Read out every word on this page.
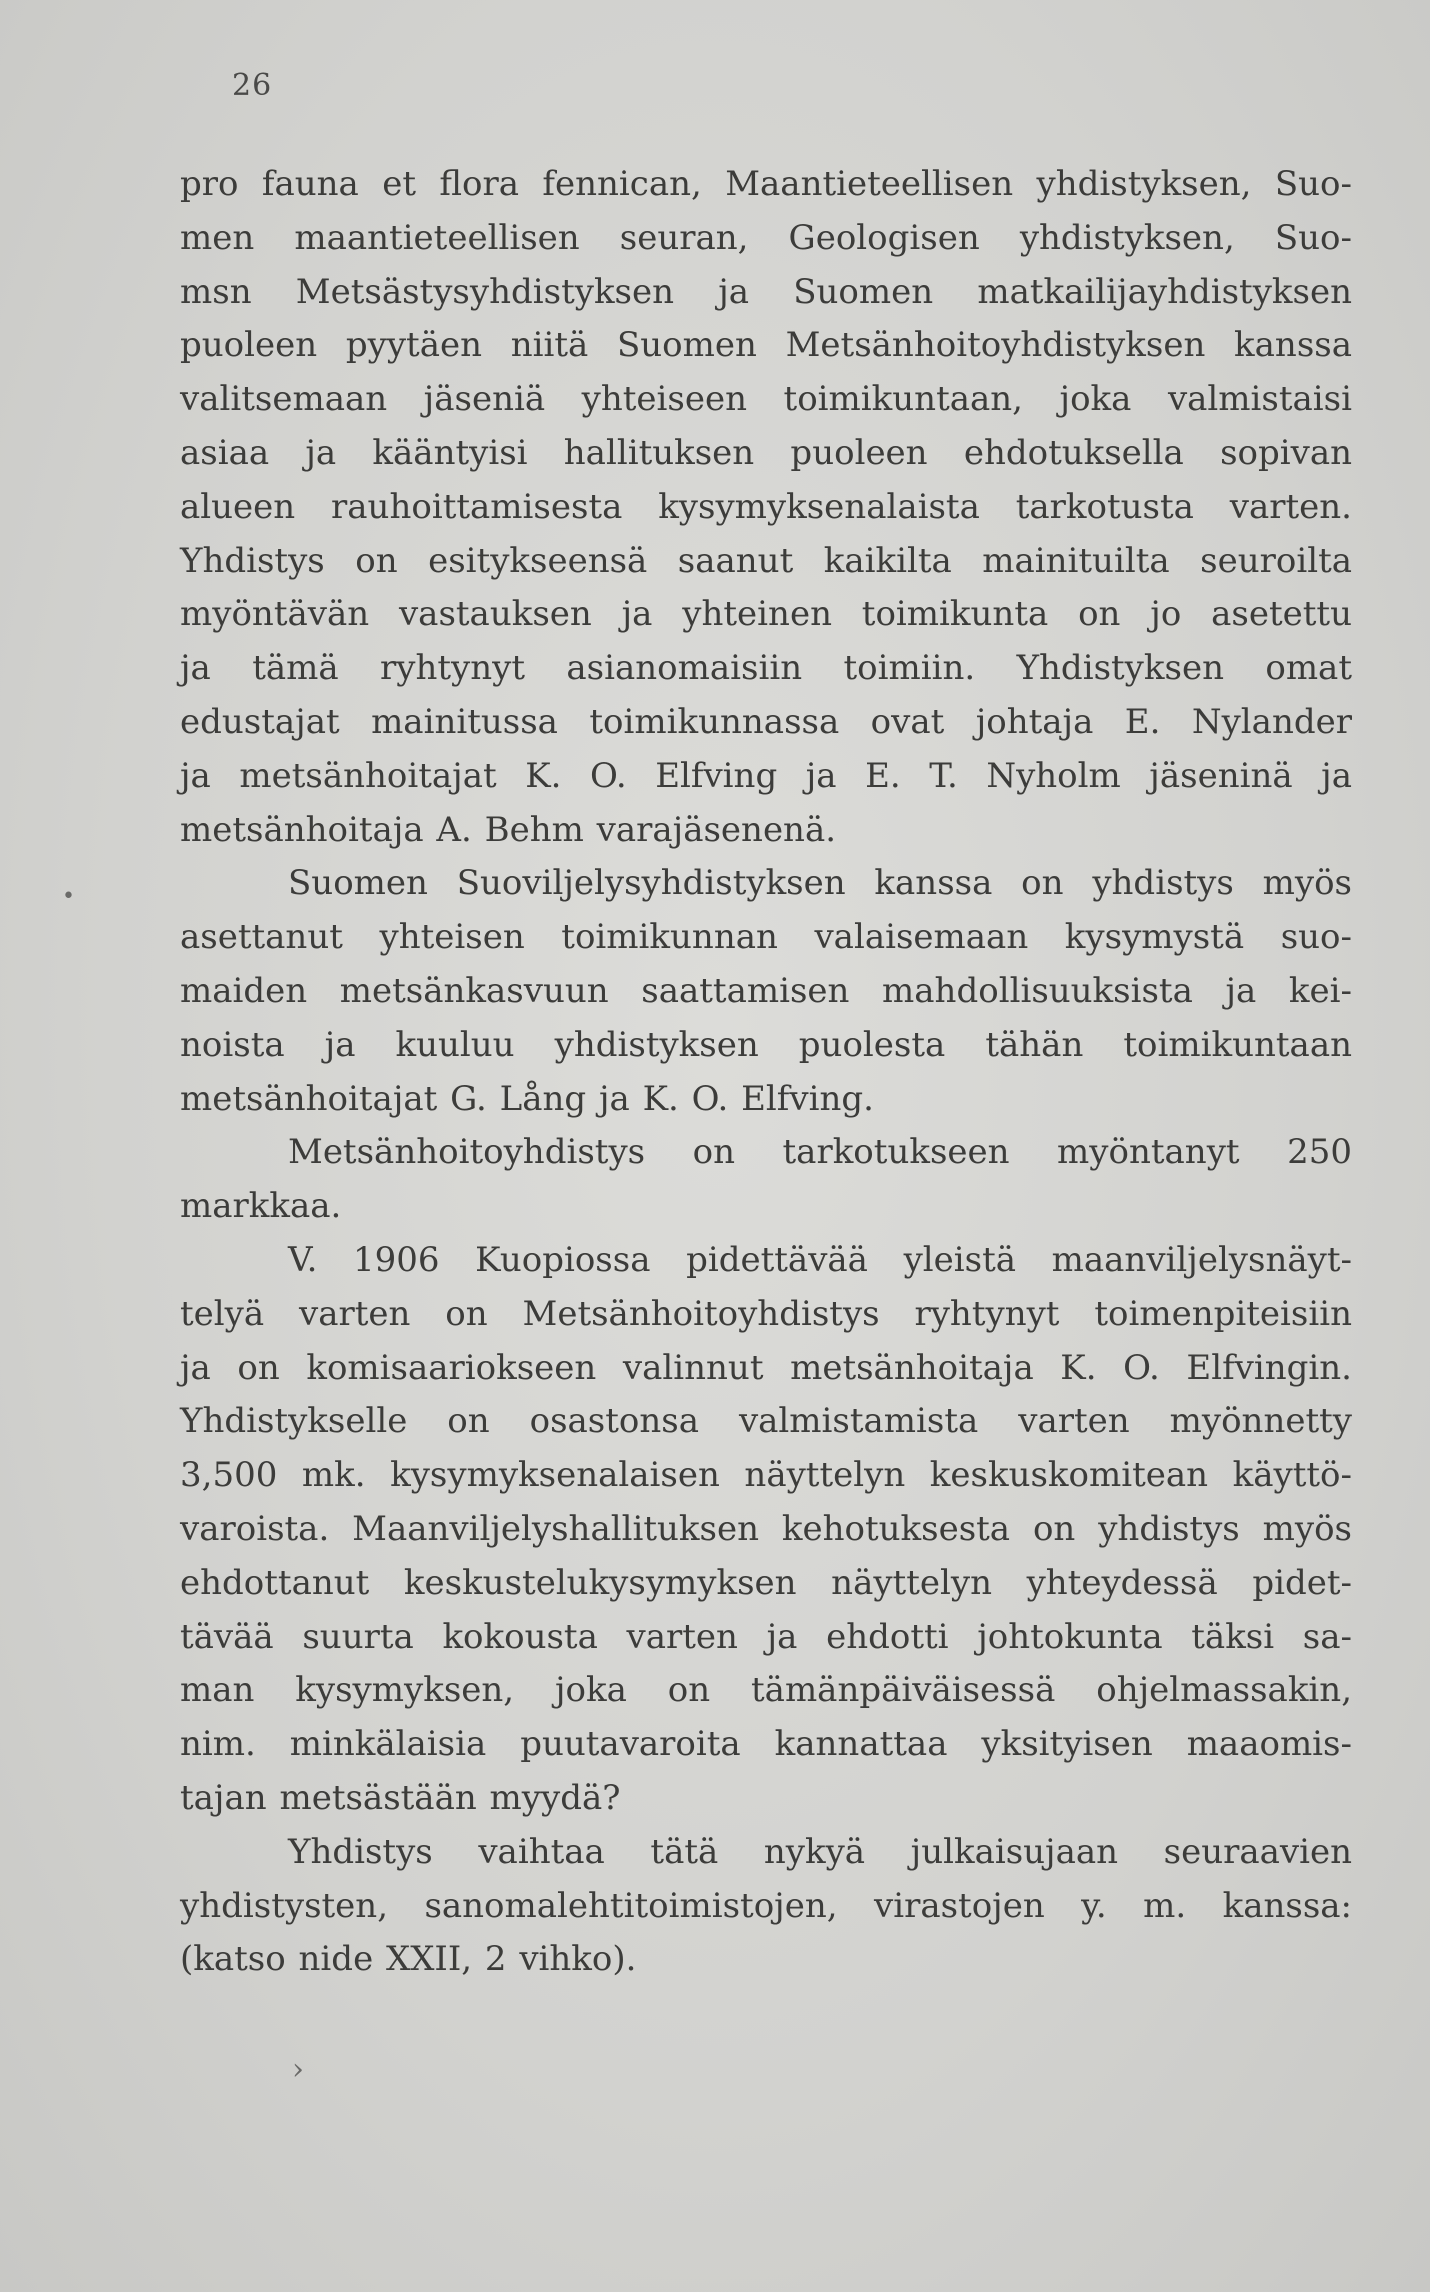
26
•
pro fauna et flora fennican, Maantieteellisen yhdistyksen, Suo-
men maantieteellisen seuran, Geologisen yhdistyksen, Suo-
msn Metsästysyhdistyksen ja Suomen matkailijayhdistyksen
puoleen pyytäen niitä Suomen Metsänhoitoyhdistyksen kanssa
valitsemaan jäseniä yhteiseen toimikuntaan, joka valmistaisi
asiaa ja kääntyisi hallituksen puoleen ehdotuksella sopivan
alueen rauhoittamisesta kysymyksenalaista tarkotusta varten.
Yhdistys on esitykseensä saanut kaikilta mainituilta seuroilta
myöntävän vastauksen ja yhteinen toimikunta on jo asetettu
ja tämä ryhtynyt asianomaisiin toimiin. Yhdistyksen omat
edustajat mainitussa toimikunnassa ovat johtaja E. Nylander
ja metsänhoitajat K. O. Elfving ja E. T. Nyholm jäseninä ja
metsänhoitaja A. Behm varajäsenenä.
Suomen Suoviljelysyhdistyksen kanssa on yhdistys myös
asettanut yhteisen toimikunnan valaisemaan kysymystä suo-
maiden metsänkasvuun saattamisen mahdollisuuksista ja kei-
noista ja kuuluu yhdistyksen puolesta tähän toimikuntaan
metsänhoitajat G. Lång ja K. O. Elfving.
Metsänhoitoyhdistys on tarkotukseen myöntanyt 250
markkaa.
V. 1906 Kuopiossa pidettävää yleistä maanviljelysnäyt-
telyä varten on Metsänhoitoyhdistys ryhtynyt toimenpiteisiin
ja on komisaariokseen valinnut metsänhoitaja K. O. Elfvingin.
Yhdistykselle on osastonsa valmistamista varten myönnetty
3,500 mk. kysymyksenalaisen näyttelyn keskuskomitean käyttö-
varoista. Maanviljelyshallituksen kehotuksesta on yhdistys myös
ehdottanut keskustelukysymyksen näyttelyn yhteydessä pidet-
tävää suurta kokousta varten ja ehdotti johtokunta täksi sa-
man kysymyksen, joka on tämänpäiväisessä ohjelmassakin,
nim. minkälaisia puutavaroita kannattaa yksityisen maaomis-
tajan metsästään myydä?
Yhdistys vaihtaa tätä nykyä julkaisujaan seuraavien
yhdistysten, sanomalehtitoimistojen, virastojen y. m. kanssa:
(katso nide XXII, 2 vihko).
›
